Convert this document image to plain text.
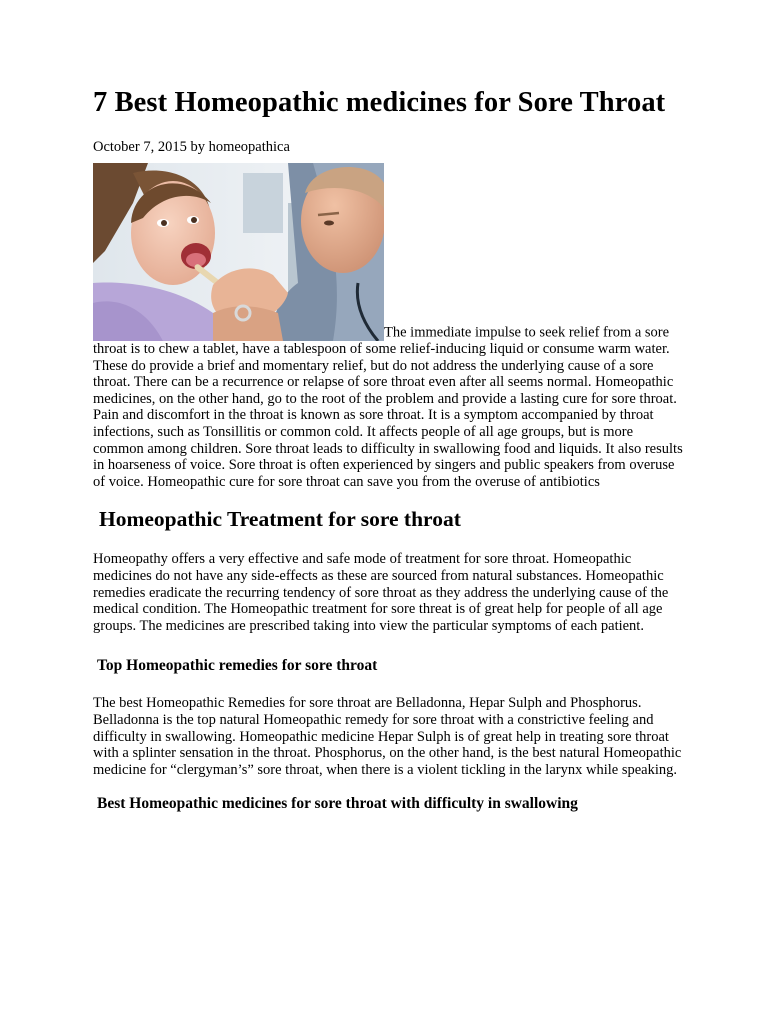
7 Best Homeopathic medicines for Sore Throat
October 7, 2015 by homeopathica

The immediate impulse to seek relief from a sore throat is to chew a tablet, have a tablespoon of some relief-inducing liquid or consume warm water. These do provide a brief and momentary relief, but do not address the underlying cause of a sore throat. There can be a recurrence or relapse of sore throat even after all seems normal. Homeopathic medicines, on the other hand, go to the root of the problem and provide a lasting cure for sore throat. Pain and discomfort in the throat is known as sore throat. It is a symptom accompanied by throat infections, such as Tonsillitis or common cold. It affects people of all age groups, but is more common among children. Sore throat leads to difficulty in swallowing food and liquids. It also results in hoarseness of voice. Sore throat is often experienced by singers and public speakers from overuse of voice. Homeopathic cure for sore throat can save you from the overuse of antibiotics

Homeopathic Treatment for sore throat

Homeopathy offers a very effective and safe mode of treatment for sore throat. Homeopathic medicines do not have any side-effects as these are sourced from natural substances. Homeopathic remedies eradicate the recurring tendency of sore throat as they address the underlying cause of the medical condition. The Homeopathic treatment for sore threat is of great help for people of all age groups. The medicines are prescribed taking into view the particular symptoms of each patient.

Top Homeopathic remedies for sore throat

The best Homeopathic Remedies for sore throat are Belladonna, Hepar Sulph and Phosphorus. Belladonna is the top natural Homeopathic remedy for sore throat with a constrictive feeling and difficulty in swallowing. Homeopathic medicine Hepar Sulph is of great help in treating sore throat with a splinter sensation in the throat. Phosphorus, on the other hand, is the best natural Homeopathic medicine for “clergyman’s” sore throat, when there is a violent tickling in the larynx while speaking.

Best Homeopathic medicines for sore throat with difficulty in swallowing
